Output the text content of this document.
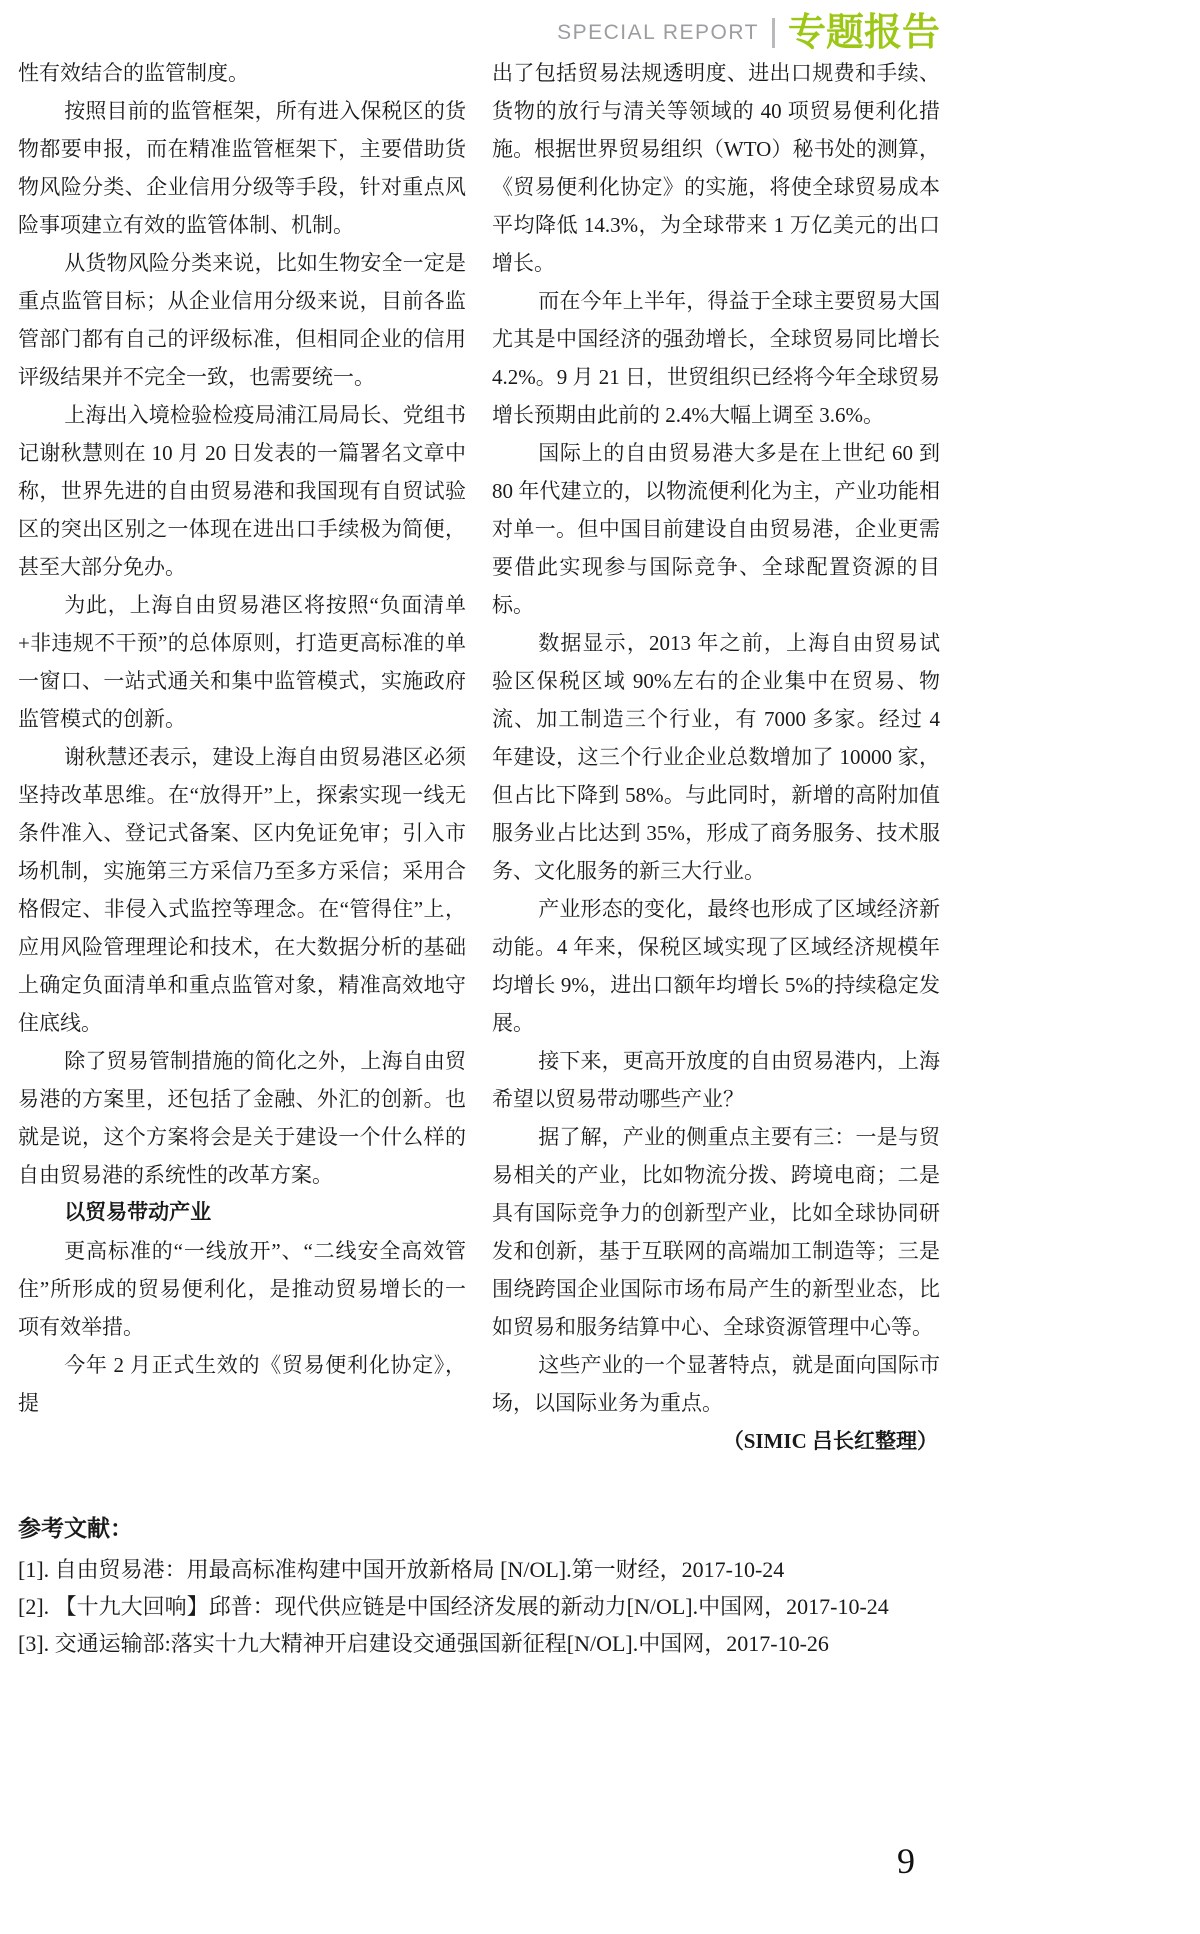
SPECIAL REPORT 专题报告

性有效结合的监管制度。

按照目前的监管框架，所有进入保税区的货物都要申报，而在精准监管框架下，主要借助货物风险分类、企业信用分级等手段，针对重点风险事项建立有效的监管体制、机制。

从货物风险分类来说，比如生物安全一定是重点监管目标；从企业信用分级来说，目前各监管部门都有自己的评级标准，但相同企业的信用评级结果并不完全一致，也需要统一。

上海出入境检验检疫局浦江局局长、党组书记谢秋慧则在 10 月 20 日发表的一篇署名文章中称，世界先进的自由贸易港和我国现有自贸试验区的突出区别之一体现在进出口手续极为简便，甚至大部分免办。

为此，上海自由贸易港区将按照“负面清单+非违规不干预”的总体原则，打造更高标准的单一窗口、一站式通关和集中监管模式，实施政府监管模式的创新。

谢秋慧还表示，建设上海自由贸易港区必须坚持改革思维。在“放得开”上，探索实现一线无条件准入、登记式备案、区内免证免审；引入市场机制，实施第三方采信乃至多方采信；采用合格假定、非侵入式监控等理念。在“管得住”上，应用风险管理理论和技术，在大数据分析的基础上确定负面清单和重点监管对象，精准高效地守住底线。

除了贸易管制措施的简化之外，上海自由贸易港的方案里，还包括了金融、外汇的创新。也就是说，这个方案将会是关于建设一个什么样的自由贸易港的系统性的改革方案。

以贸易带动产业

更高标准的“一线放开”、“二线安全高效管住”所形成的贸易便利化，是推动贸易增长的一项有效举措。

今年 2 月正式生效的《贸易便利化协定》，提

出了包括贸易法规透明度、进出口规费和手续、货物的放行与清关等领域的 40 项贸易便利化措施。根据世界贸易组织（WTO）秘书处的测算，《贸易便利化协定》的实施，将使全球贸易成本平均降低 14.3%，为全球带来 1 万亿美元的出口增长。

而在今年上半年，得益于全球主要贸易大国尤其是中国经济的强劲增长，全球贸易同比增长 4.2%。9 月 21 日，世贸组织已经将今年全球贸易增长预期由此前的 2.4%大幅上调至 3.6%。

国际上的自由贸易港大多是在上世纪 60 到 80 年代建立的，以物流便利化为主，产业功能相对单一。但中国目前建设自由贸易港，企业更需要借此实现参与国际竞争、全球配置资源的目标。

数据显示，2013 年之前，上海自由贸易试验区保税区域 90%左右的企业集中在贸易、物流、加工制造三个行业，有 7000 多家。经过 4 年建设，这三个行业企业总数增加了 10000 家，但占比下降到 58%。与此同时，新增的高附加值服务业占比达到 35%，形成了商务服务、技术服务、文化服务的新三大行业。

产业形态的变化，最终也形成了区域经济新动能。4 年来，保税区域实现了区域经济规模年均增长 9%，进出口额年均增长 5%的持续稳定发展。

接下来，更高开放度的自由贸易港内，上海希望以贸易带动哪些产业？

据了解，产业的侧重点主要有三：一是与贸易相关的产业，比如物流分拨、跨境电商；二是具有国际竞争力的创新型产业，比如全球协同研发和创新，基于互联网的高端加工制造等；三是围绕跨国企业国际市场布局产生的新型业态，比如贸易和服务结算中心、全球资源管理中心等。

这些产业的一个显著特点，就是面向国际市场，以国际业务为重点。

（SIMIC 吕长红整理）

参考文献：

[1]. 自由贸易港：用最高标准构建中国开放新格局 [N/OL].第一财经，2017-10-24

[2]. 【十九大回响】邱普：现代供应链是中国经济发展的新动力[N/OL].中国网，2017-10-24

[3]. 交通运输部:落实十九大精神开启建设交通强国新征程[N/OL].中国网，2017-10-26

9
